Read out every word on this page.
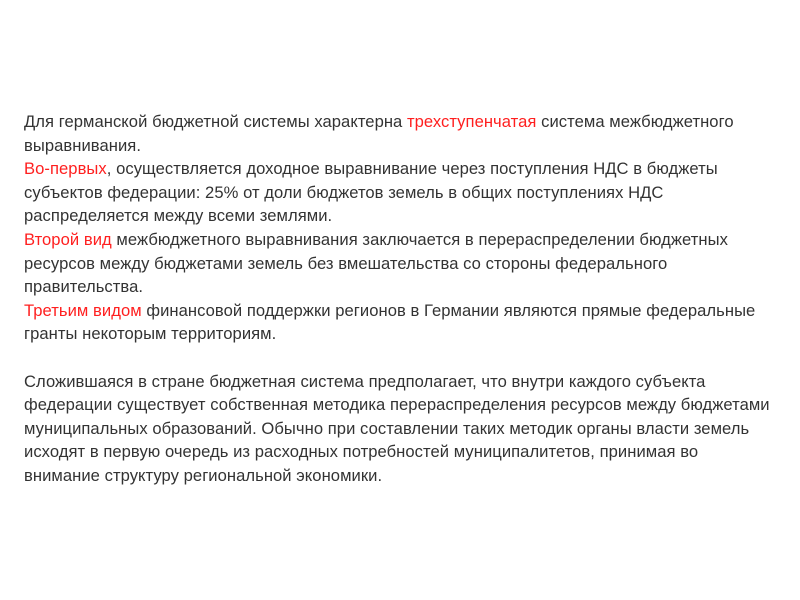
Для германской бюджетной системы характерна трехступенчатая система межбюджетного выравнивания.

Во-первых, осуществляется доходное выравнивание через поступления НДС в бюджеты субъектов федерации: 25% от доли бюджетов земель в общих поступлениях НДС распределяется между всеми землями.

Второй вид межбюджетного выравнивания заключается в перераспределении бюджетных ресурсов между бюджетами земель без вмешательства со стороны федерального правительства.

Третьим видом финансовой поддержки регионов в Германии являются прямые федеральные гранты некоторым территориям.

Сложившаяся в стране бюджетная система предполагает, что внутри каждого субъекта федерации существует собственная методика перераспределения ресурсов между бюджетами муниципальных образований. Обычно при составлении таких методик органы власти земель исходят в первую очередь из расходных потребностей муниципалитетов, принимая во внимание структуру региональной экономики.
